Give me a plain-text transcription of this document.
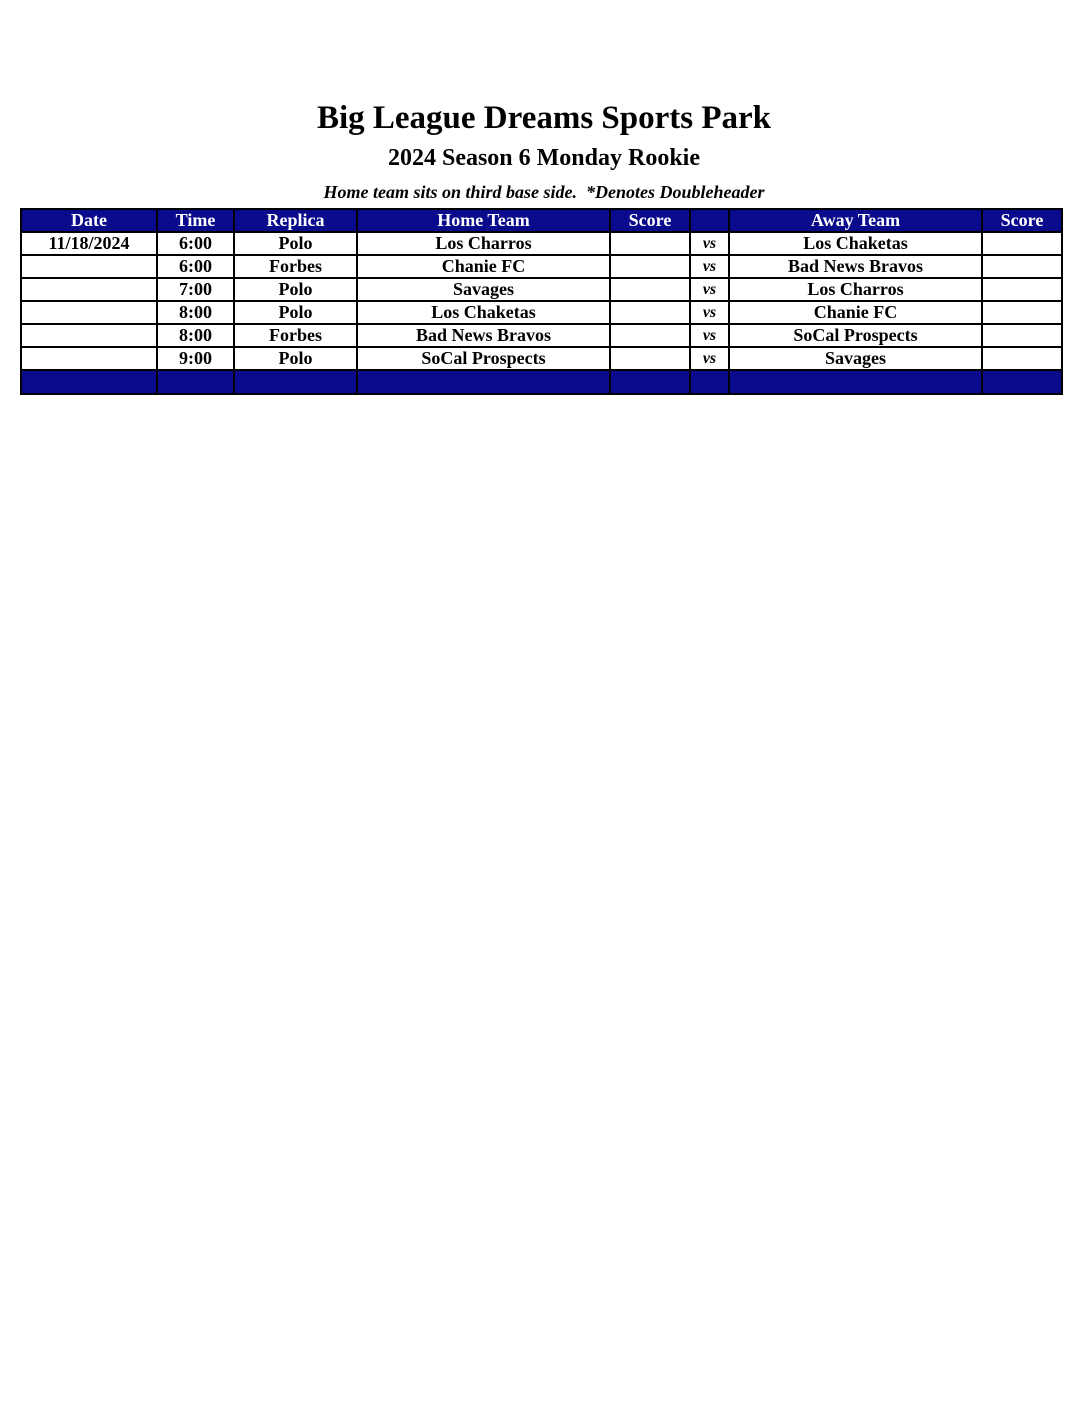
Big League Dreams Sports Park
2024 Season 6 Monday Rookie
Home team sits on third base side.  *Denotes Doubleheader
Date	Time	Replica	Home Team	Score		Away Team	Score
11/18/2024	6:00	Polo	Los Charros		vs	Los Chaketas	
	6:00	Forbes	Chanie FC		vs	Bad News Bravos	
	7:00	Polo	Savages		vs	Los Charros	
	8:00	Polo	Los Chaketas		vs	Chanie FC	
	8:00	Forbes	Bad News Bravos		vs	SoCal Prospects	
	9:00	Polo	SoCal Prospects		vs	Savages	
